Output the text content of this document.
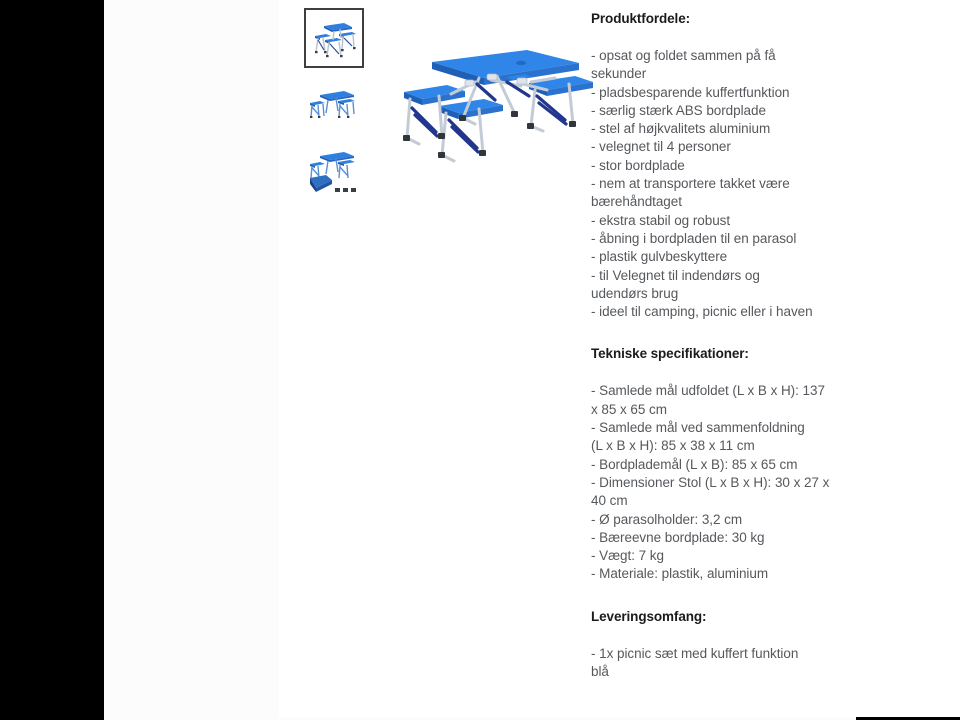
Produktfordele:

- opsat og foldet sammen på få

sekunder

- pladsbesparende kuffertfunktion

- særlig stærk ABS bordplade

- stel af højkvalitets aluminium

- velegnet til 4 personer

- stor bordplade

- nem at transportere takket være

bærehåndtaget

- ekstra stabil og robust

- åbning i bordpladen til en parasol

- plastik gulvbeskyttere

- til Velegnet til indendørs og

udendørs brug

- ideel til camping, picnic eller i haven

Tekniske specifikationer:

- Samlede mål udfoldet (L x B x H): 137

x 85 x 65 cm

- Samlede mål ved sammenfoldning

(L x B x H): 85 x 38 x 11 cm

- Bordplademål (L x B): 85 x 65 cm

- Dimensioner Stol (L x B x H): 30 x 27 x

40 cm

- Ø parasolholder: 3,2 cm

- Bæreevne bordplade: 30 kg

- Vægt: 7 kg

- Materiale: plastik, aluminium

Leveringsomfang:

- 1x picnic sæt med kuffert funktion

blå
